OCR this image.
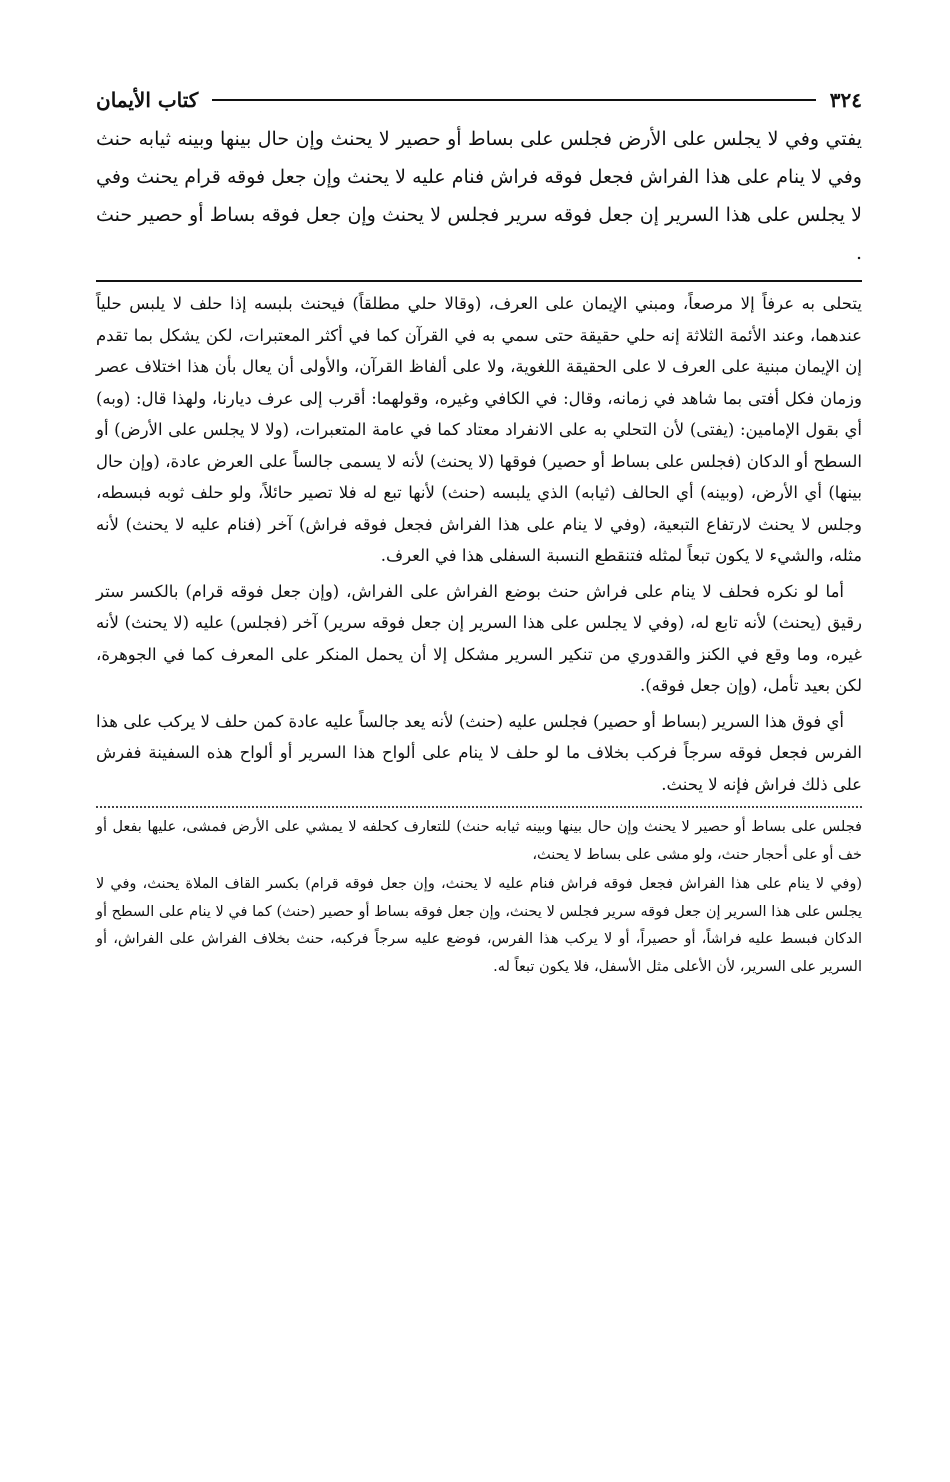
٣٢٤
كتاب الأيمان

يفتي وفي لا يجلس على الأرض فجلس على بساط أو حصير لا يحنث وإن حال بينها وبينه ثيابه حنث وفي لا ينام على هذا الفراش فجعل فوقه فراش فنام عليه لا يحنث وإن جعل فوقه قرام يحنث وفي لا يجلس على هذا السرير إن جعل فوقه سرير فجلس لا يحنث وإن جعل فوقه بساط أو حصير حنث .

يتحلى به عرفاً إلا مرصعاً، ومبني الإيمان على العرف، (وقالا حلي مطلقاً) فيحنث بلبسه إذا حلف لا يلبس حلياً عندهما، وعند الأئمة الثلاثة إنه حلي حقيقة حتى سمي به في القرآن كما في أكثر المعتبرات، لكن يشكل بما تقدم إن الإيمان مبنية على العرف لا على الحقيقة اللغوية، ولا على ألفاظ القرآن، والأولى أن يعال بأن هذا اختلاف عصر وزمان فكل أفتى بما شاهد في زمانه، وقال: في الكافي وغيره، وقولهما: أقرب إلى عرف ديارنا، ولهذا قال: (وبه) أي بقول الإمامين: (يفتى) لأن التحلي به على الانفراد معتاد كما في عامة المتعبرات، (ولا لا يجلس على الأرض) أو السطح أو الدكان (فجلس على بساط أو حصير) فوقها (لا يحنث) لأنه لا يسمى جالساً على العرض عادة، (وإن حال بينها) أي الأرض، (وبينه) أي الحالف (ثيابه) الذي يلبسه (حنث) لأنها تبع له فلا تصير حائلاً، ولو حلف ثوبه فبسطه، وجلس لا يحنث لارتفاع التبعية، (وفي لا ينام على هذا الفراش فجعل فوقه فراش) آخر (فنام عليه لا يحنث) لأنه مثله، والشيء لا يكون تبعاً لمثله فتنقطع النسبة السفلى هذا في العرف.

أما لو نكره فحلف لا ينام على فراش حنث بوضع الفراش على الفراش، (وإن جعل فوقه قرام) بالكسر ستر رقيق (يحنث) لأنه تابع له، (وفي لا يجلس على هذا السرير إن جعل فوقه سرير) آخر (فجلس) عليه (لا يحنث) لأنه غيره، وما وقع في الكنز والقدوري من تنكير السرير مشكل إلا أن يحمل المنكر على المعرف كما في الجوهرة، لكن بعيد تأمل، (وإن جعل فوقه).

أي فوق هذا السرير (بساط أو حصير) فجلس عليه (حنث) لأنه يعد جالساً عليه عادة كمن حلف لا يركب على هذا الفرس فجعل فوقه سرجاً فركب بخلاف ما لو حلف لا ينام على ألواح هذا السرير أو ألواح هذه السفينة ففرش على ذلك فراش فإنه لا يحنث.

فجلس على بساط أو حصير لا يحنث وإن حال بينها وبينه ثيابه حنث) للتعارف كحلفه لا يمشي على الأرض فمشى، عليها بفعل أو خف أو على أحجار حنث، ولو مشى على بساط لا يحنث،

(وفي لا ينام على هذا الفراش فجعل فوقه فراش فنام عليه لا يحنث، وإن جعل فوقه قرام) بكسر القاف الملاة يحنث، وفي لا يجلس على هذا السرير إن جعل فوقه سرير فجلس لا يحنث، وإن جعل فوقه بساط أو حصير (حنث) كما في لا ينام على السطح أو الدكان فبسط عليه فراشاً، أو حصيراً، أو لا يركب هذا الفرس، فوضع عليه سرجاً فركبه، حنث بخلاف الفراش على الفراش، أو السرير على السرير، لأن الأعلى مثل الأسفل، فلا يكون تبعاً له.
